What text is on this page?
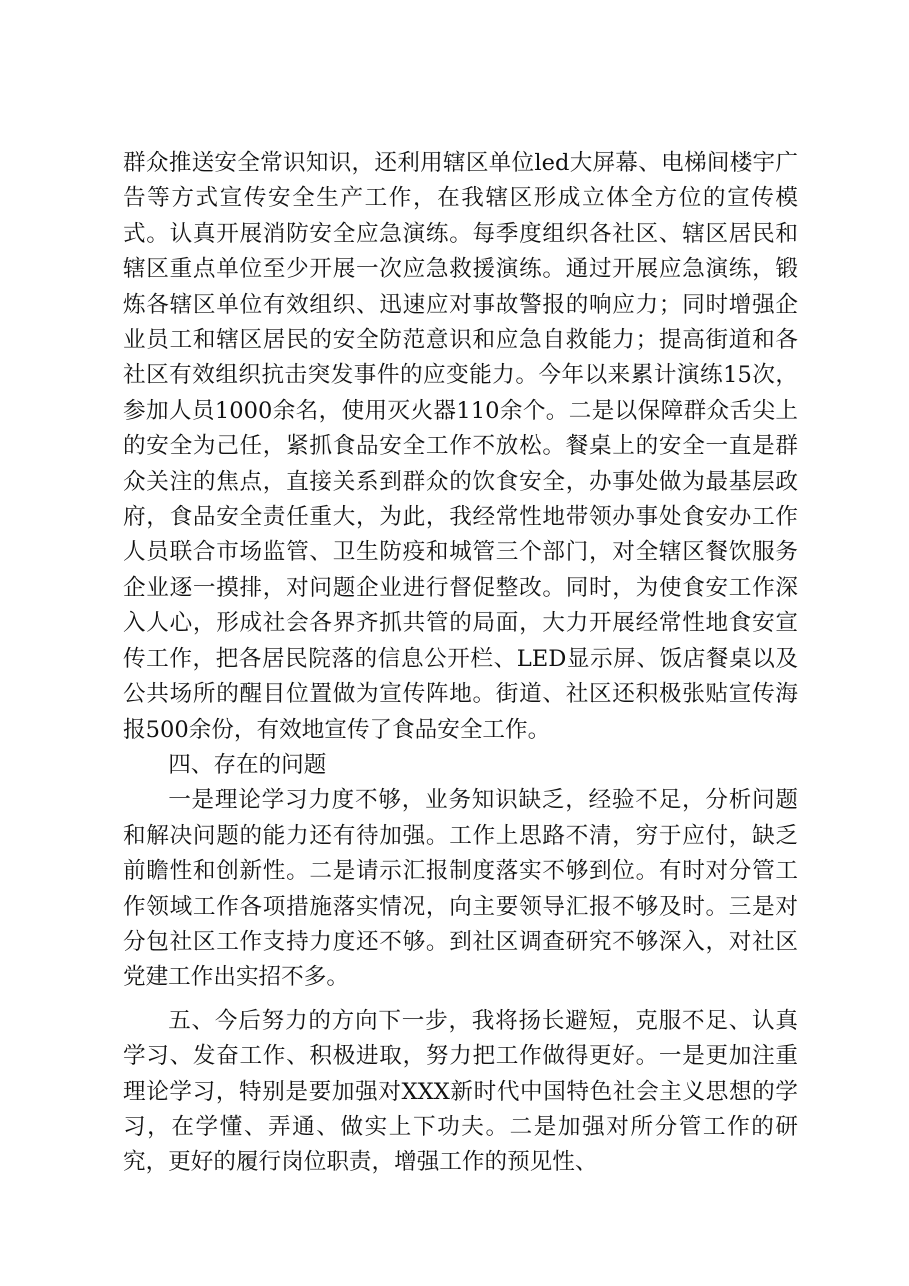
群众推送安全常识知识，还利用辖区单位led大屏幕、电梯间楼宇广告等方式宣传安全生产工作，在我辖区形成立体全方位的宣传模式。认真开展消防安全应急演练。每季度组织各社区、辖区居民和辖区重点单位至少开展一次应急救援演练。通过开展应急演练，锻炼各辖区单位有效组织、迅速应对事故警报的响应力；同时增强企业员工和辖区居民的安全防范意识和应急自救能力；提高街道和各社区有效组织抗击突发事件的应变能力。今年以来累计演练15次，参加人员1000余名，使用灭火器110余个。二是以保障群众舌尖上的安全为己任，紧抓食品安全工作不放松。餐桌上的安全一直是群众关注的焦点，直接关系到群众的饮食安全，办事处做为最基层政府，食品安全责任重大，为此，我经常性地带领办事处食安办工作人员联合市场监管、卫生防疫和城管三个部门，对全辖区餐饮服务企业逐一摸排，对问题企业进行督促整改。同时，为使食安工作深入人心，形成社会各界齐抓共管的局面，大力开展经常性地食安宣传工作，把各居民院落的信息公开栏、LED显示屏、饭店餐桌以及公共场所的醒目位置做为宣传阵地。街道、社区还积极张贴宣传海报500余份，有效地宣传了食品安全工作。

四、存在的问题

一是理论学习力度不够，业务知识缺乏，经验不足，分析问题和解决问题的能力还有待加强。工作上思路不清，穷于应付，缺乏前瞻性和创新性。二是请示汇报制度落实不够到位。有时对分管工作领域工作各项措施落实情况，向主要领导汇报不够及时。三是对分包社区工作支持力度还不够。到社区调查研究不够深入，对社区党建工作出实招不多。

五、今后努力的方向下一步，我将扬长避短，克服不足、认真学习、发奋工作、积极进取，努力把工作做得更好。一是更加注重理论学习，特别是要加强对XXX新时代中国特色社会主义思想的学习，在学懂、弄通、做实上下功夫。二是加强对所分管工作的研究，更好的履行岗位职责，增强工作的预见性、
